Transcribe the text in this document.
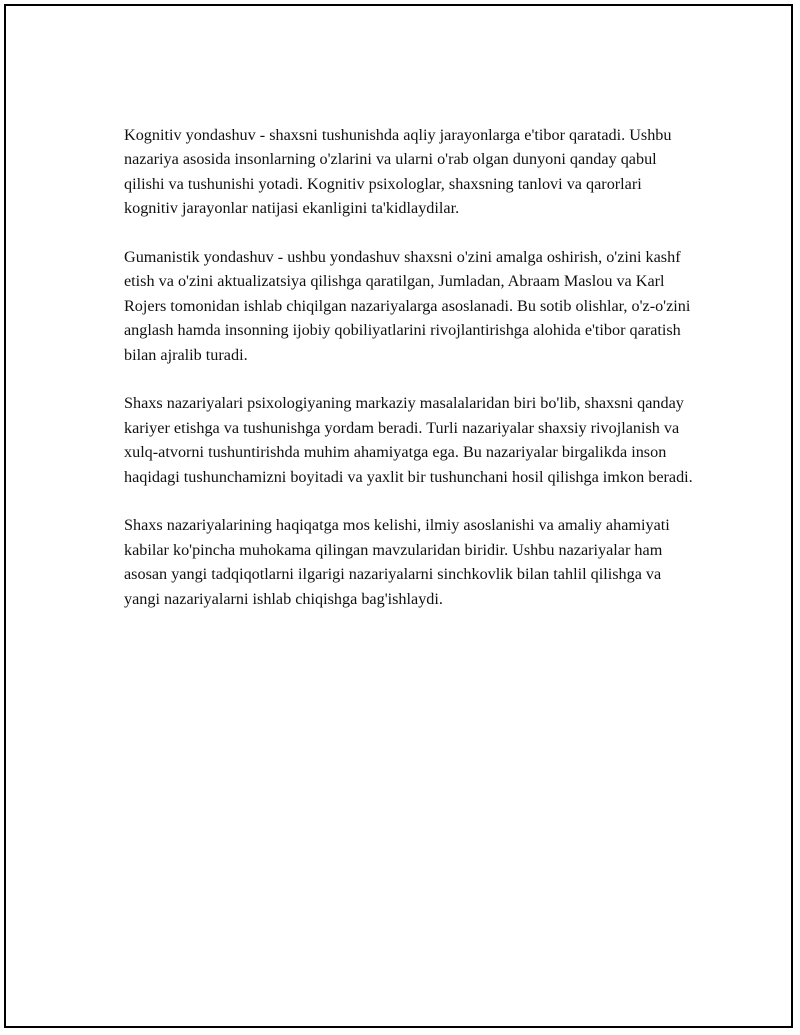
Kognitiv yondashuv - shaxsni tushunishda aqliy jarayonlarga e'tibor qaratadi. Ushbu nazariya asosida insonlarning o'zlarini va ularni o'rab olgan dunyoni qanday qabul qilishi va tushunishi yotadi. Kognitiv psixologlar, shaxsning tanlovi va qarorlari kognitiv jarayonlar natijasi ekanligini ta'kidlaydilar.

Gumanistik yondashuv - ushbu yondashuv shaxsni o'zini amalga oshirish, o'zini kashf etish va o'zini aktualizatsiya qilishga qaratilgan, Jumladan, Abraam Maslou va Karl Rojers tomonidan ishlab chiqilgan nazariyalarga asoslanadi. Bu sotib olishlar, o'z-o'zini anglash hamda insonning ijobiy qobiliyatlarini rivojlantirishga alohida e'tibor qaratish bilan ajralib turadi.

Shaxs nazariyalari psixologiyaning markaziy masalalaridan biri bo'lib, shaxsni qanday kariyer etishga va tushunishga yordam beradi. Turli nazariyalar shaxsiy rivojlanish va xulq-atvorni tushuntirishda muhim ahamiyatga ega. Bu nazariyalar birgalikda inson haqidagi tushunchamizni boyitadi va yaxlit bir tushunchani hosil qilishga imkon beradi.

Shaxs nazariyalarining haqiqatga mos kelishi, ilmiy asoslanishi va amaliy ahamiyati kabilar ko'pincha muhokama qilingan mavzularidan biridir. Ushbu nazariyalar ham asosan yangi tadqiqotlarni ilgarigi nazariyalarni sinchkovlik bilan tahlil qilishga va yangi nazariyalarni ishlab chiqishga bag'ishlaydi.
